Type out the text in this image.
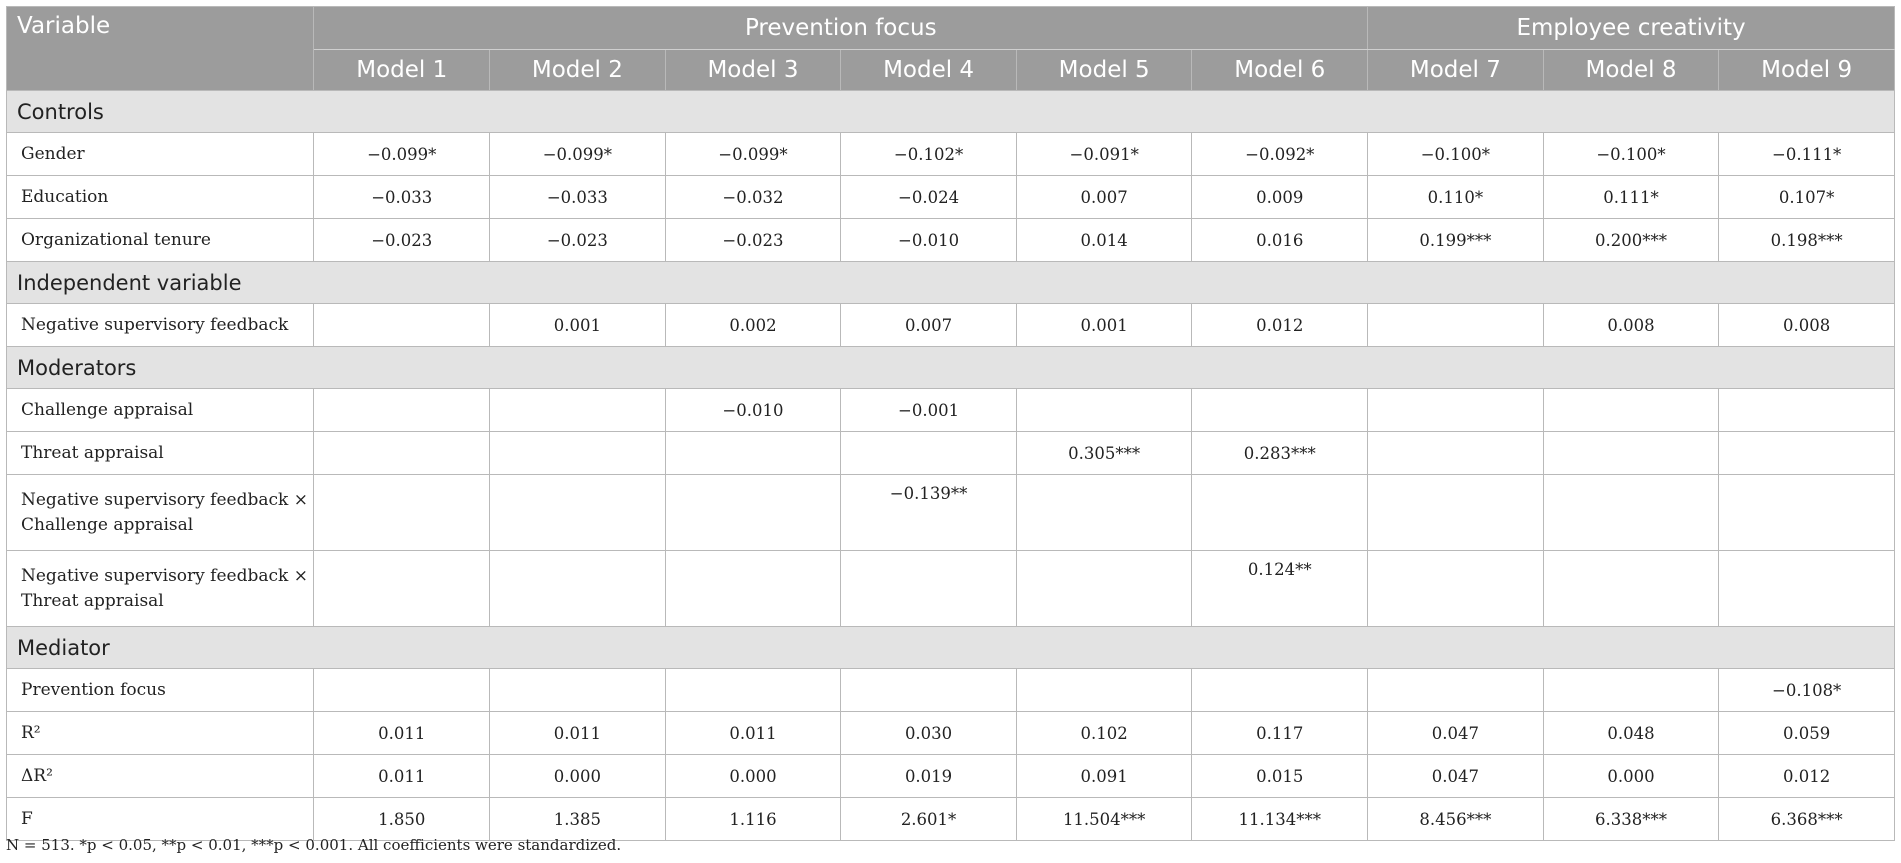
Variable	Prevention focus						Employee creativity		
	Model 1	Model 2	Model 3	Model 4	Model 5	Model 6	Model 7	Model 8	Model 9
Controls									
Gender	−0.099*	−0.099*	−0.099*	−0.102*	−0.091*	−0.092*	−0.100*	−0.100*	−0.111*
Education	−0.033	−0.033	−0.032	−0.024	0.007	0.009	0.110*	0.111*	0.107*
Organizational tenure	−0.023	−0.023	−0.023	−0.010	0.014	0.016	0.199***	0.200***	0.198***
Independent variable									
Negative supervisory feedback		0.001	0.002	0.007	0.001	0.012		0.008	0.008
Moderators									
Challenge appraisal			−0.010	−0.001					
Threat appraisal					0.305***	0.283***			

Negative supervisory feedback ×
Challenge appraisal				−0.139**					

Negative supervisory feedback ×
Threat appraisal						0.124**			
Mediator									
Prevention focus									−0.108*
R²	0.011	0.011	0.011	0.030	0.102	0.117	0.047	0.048	0.059
ΔR²	0.011	0.000	0.000	0.019	0.091	0.015	0.047	0.000	0.012
F	1.850	1.385	1.116	2.601*	11.504***	11.134***	8.456***	6.338***	6.368***
N = 513. *p < 0.05, **p < 0.01, ***p < 0.001. All coefficients were standardized.
